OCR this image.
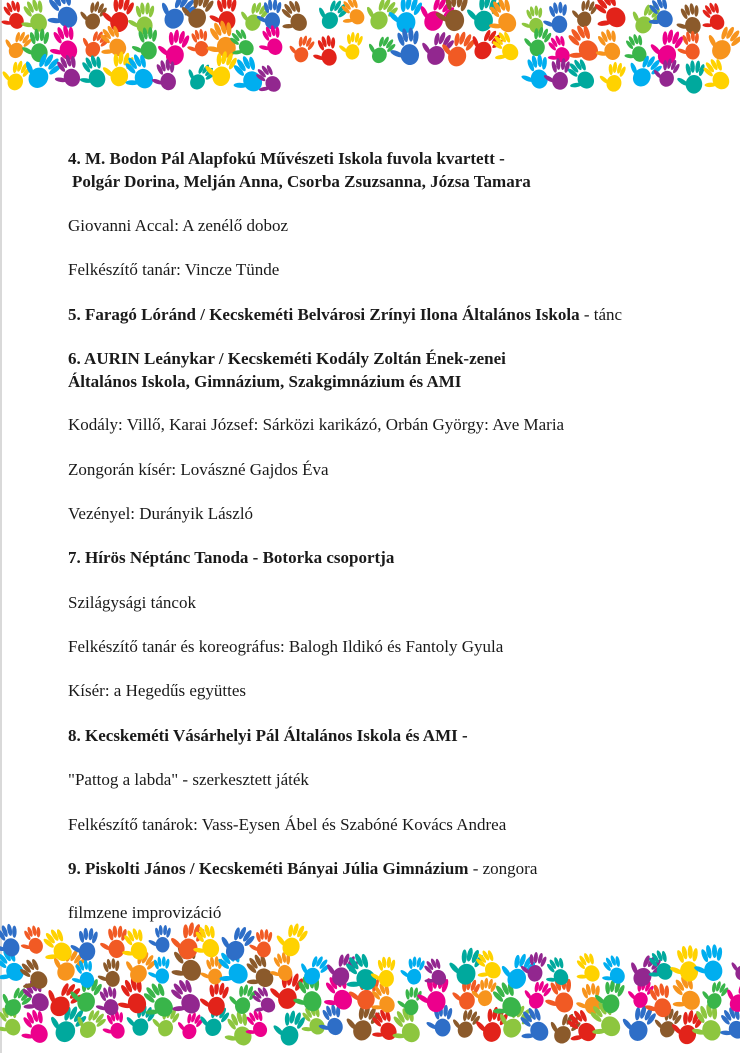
4. M. Bodon Pál Alapfokú Művészeti Iskola fuvola kvartett -
Polgár Dorina, Melján Anna, Csorba Zsuzsanna, Józsa Tamara
Giovanni Accal: A zenélő doboz
Felkészítő tanár: Vincze Tünde
5. Faragó Lóránd / Kecskeméti Belvárosi Zrínyi Ilona Általános Iskola - tánc
6. AURIN Leánykar / Kecskeméti Kodály Zoltán Ének-zenei
Általános Iskola, Gimnázium, Szakgimnázium és AMI
Kodály: Villő, Karai József: Sárközi karikázó, Orbán György: Ave Maria
Zongorán kísér: Lovászné Gajdos Éva
Vezényel: Durányik László
7. Hírös Néptánc Tanoda - Botorka csoportja
Szilágysági táncok
Felkészítő tanár és koreográfus: Balogh Ildikó és Fantoly Gyula
Kísér: a Hegedűs együttes
8. Kecskeméti Vásárhelyi Pál Általános Iskola és AMI -
"Pattog a labda" - szerkesztett játék
Felkészítő tanárok: Vass-Eysen Ábel és Szabóné Kovács Andrea
9. Piskolti János / Kecskeméti Bányai Júlia Gimnázium - zongora
filmzene improvizáció
